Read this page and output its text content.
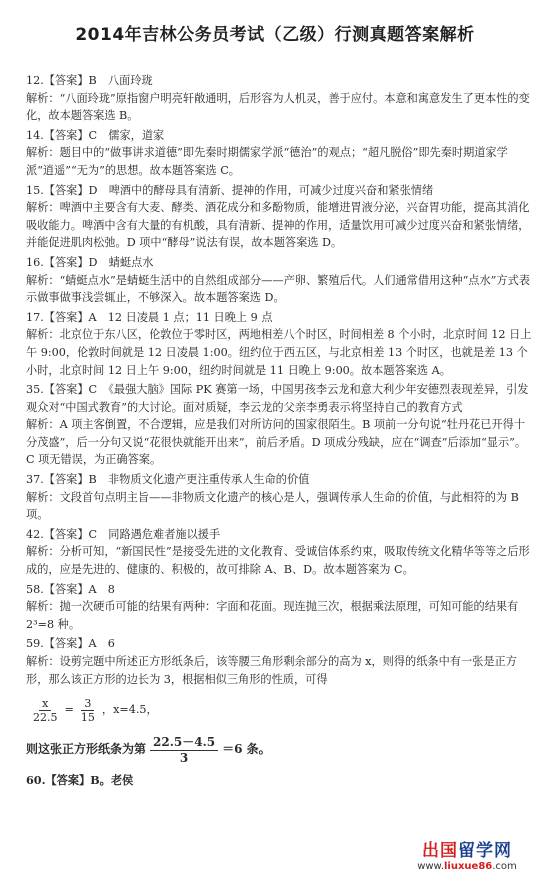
2014年吉林公务员考试（乙级）行测真题答案解析

12.【答案】B　八面玲珑

解析：“八面玲珑”原指窗户明亮轩敞通明，后形容为人机灵，善于应付。本意和寓意发生了更本性的变化，故本题答案选 B。

14.【答案】C　儒家，道家

解析：题目中的“做事讲求道德”即先秦时期儒家学派“德治”的观点；“超凡脱俗”即先秦时期道家学派“逍遥”“无为”的思想。故本题答案选 C。

15.【答案】D　啤酒中的酵母具有清新、提神的作用，可减少过度兴奋和紧张情绪

解析：啤酒中主要含有大麦、酵类、酒花成分和多酚物质，能增进胃液分泌，兴奋胃功能，提高其消化吸收能力。啤酒中含有大量的有机酸，具有清新、提神的作用，适量饮用可减少过度兴奋和紧张情绪，并能促进肌肉松弛。D 项中“酵母”说法有误，故本题答案选 D。

16.【答案】D　蜻蜓点水

解析：“蜻蜓点水”是蜻蜓生活中的自然组成部分——产卵、繁殖后代。人们通常借用这种“点水”方式表示做事做事浅尝辄止，不够深入。故本题答案选 D。

17.【答案】A　12 日凌晨 1 点；11 日晚上 9 点

解析：北京位于东八区，伦敦位于零时区，两地相差八个时区，时间相差 8 个小时，北京时间 12 日上午 9:00，伦敦时间就是 12 日凌晨 1:00。纽约位于西五区，与北京相差 13 个时区，也就是差 13 个小时，北京时间 12 日上午 9:00，纽约时间就是 11 日晚上 9:00。故本题答案选 A。

35.【答案】C　《最强大脑》国际 PK 赛第一场，中国男孩李云龙和意大利少年安德烈表现差异，引发观众对“中国式教育”的大讨论。面对质疑，李云龙的父亲李勇表示将坚持自己的教育方式

解析：A 项主客倒置，不合逻辑，应是我们对所访问的国家很陌生。B 项前一分句说“牡丹花已开得十分茂盛”，后一分句又说“花很快就能开出来”，前后矛盾。D 项成分残缺，应在“调查”后添加“显示”。C 项无错误，为正确答案。

37.【答案】B　非物质文化遗产更注重传承人生命的价值

解析：文段首句点明主旨——非物质文化遗产的核心是人，强调传承人生命的价值，与此相符的为 B 项。

42.【答案】C　同路遇危难者施以援手

解析：分析可知，“新国民性”是接受先进的文化教育、受诚信体系约束，吸取传统文化精华等等之后形成的，应是先进的、健康的、积极的，故可排除 A、B、D。故本题答案为 C。

58.【答案】A　8

解析：抛一次硬币可能的结果有两种：字面和花面。现连抛三次，根据乘法原理，可知可能的结果有 2³=8 种。

59.【答案】A　6

解析：设剪完题中所述正方形纸条后，该等腰三角形剩余部分的高为 x，则得的纸条中有一张是正方形，那么该正方形的边长为 3，根据相似三角形的性质，可得

$\frac{x}{22.5} = \frac{3}{15}$ ，x=4.5，
则这张正方形纸条为第 $\frac{22.5-4.5}{3} =6$ 条。

60.【答案】B。老侯

出国留学网
www.liuxue86.com
